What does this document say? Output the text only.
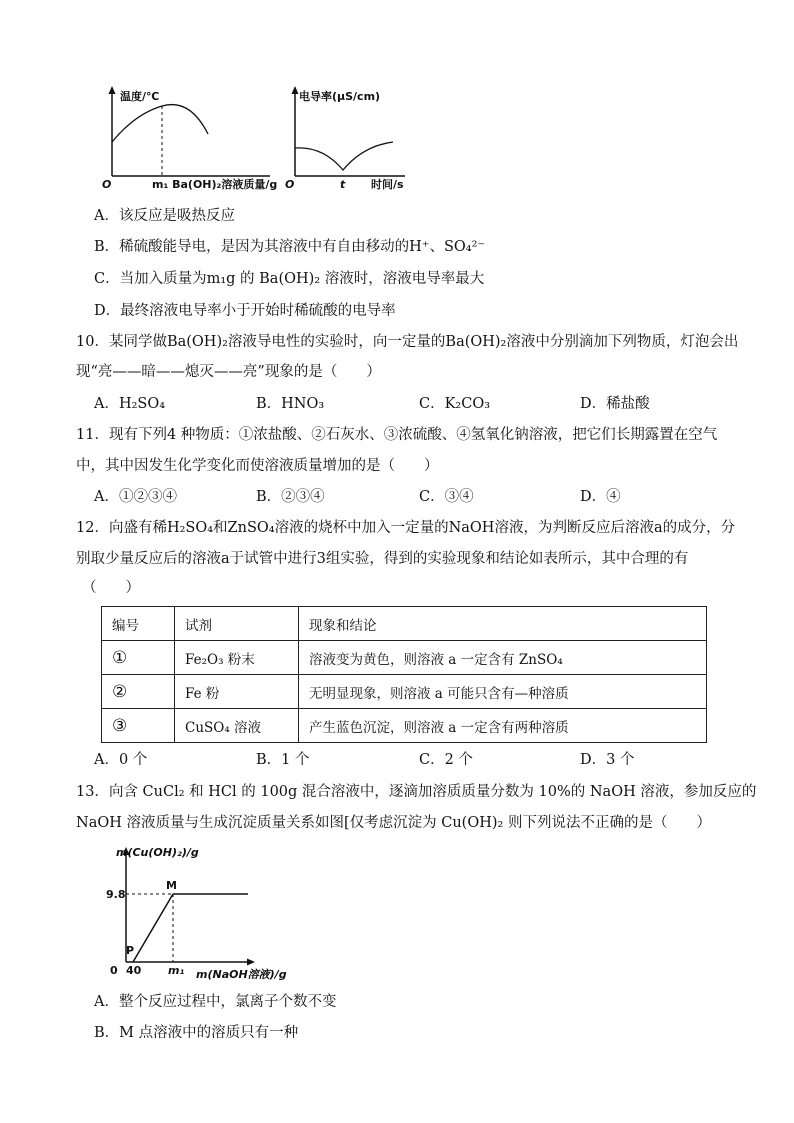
温度/℃
O	m₁ Ba(OH)₂溶液质量/g
电导率(μS/cm)
O	t 时间/s
A．该反应是吸热反应
B．稀硫酸能导电，是因为其溶液中有自由移动的H⁺、SO₄²⁻
C．当加入质量为m₁g 的 Ba(OH)₂ 溶液时，溶液电导率最大
D．最终溶液电导率小于开始时稀硫酸的电导率
10．某同学做Ba(OH)₂溶液导电性的实验时，向一定量的Ba(OH)₂溶液中分别滴加下列物质，灯泡会出
现“亮——暗——熄灭——亮”现象的是（　　）
A．H₂SO₄	B．HNO₃	C．K₂CO₃	D．稀盐酸
11．现有下列4 种物质：①浓盐酸、②石灰水、③浓硫酸、④氢氧化钠溶液，把它们长期露置在空气
中，其中因发生化学变化而使溶液质量增加的是（　　）
A．①②③④	B．②③④	C．③④	D．④
12．向盛有稀H₂SO₄和ZnSO₄溶液的烧杯中加入一定量的NaOH溶液，为判断反应后溶液a的成分，分
别取少量反应后的溶液a于试管中进行3组实验，得到的实验现象和结论如表所示，其中合理的有
（　　）
编号	试剂	现象和结论
①	Fe₂O₃ 粉末	溶液变为黄色，则溶液 a 一定含有 ZnSO₄
②	Fe 粉	无明显现象，则溶液 a 可能只含有—种溶质
③	CuSO₄ 溶液	产生蓝色沉淀，则溶液 a 一定含有两种溶质
A．0 个	B．1 个	C．2 个	D．3 个
13．向含 CuCl₂ 和 HCl 的 100g 混合溶液中，逐滴加溶质质量分数为 10%的 NaOH 溶液，参加反应的
NaOH 溶液质量与生成沉淀质量关系如图[仅考虑沉淀为 Cu(OH)₂ 则下列说法不正确的是（　　）
m(Cu(OH)₂)/g
9.8
P
M
0 40 m₁ m(NaOH溶液)/g
A．整个反应过程中，氯离子个数不变
B．M 点溶液中的溶质只有一种
